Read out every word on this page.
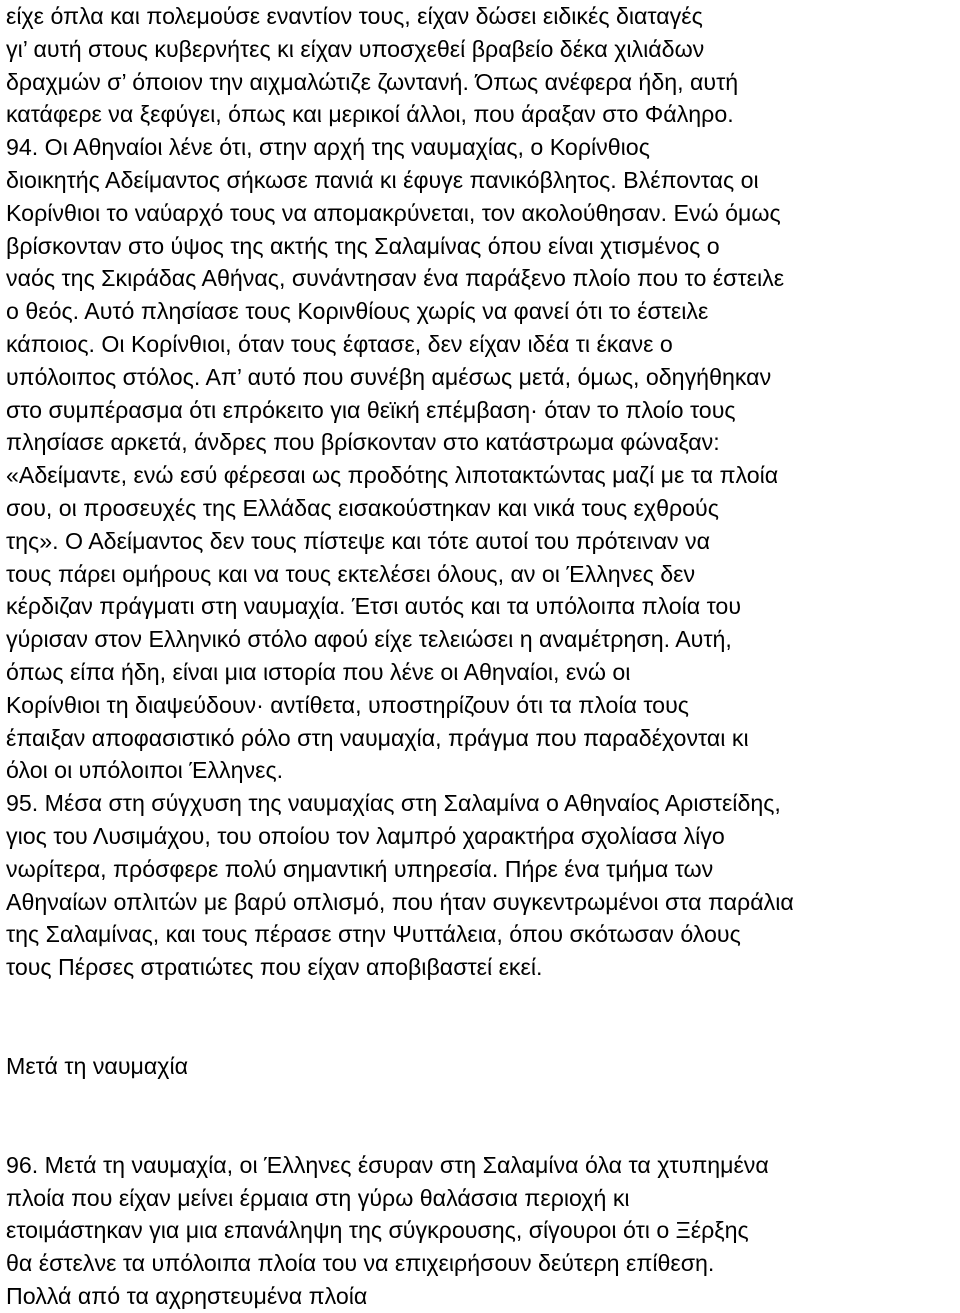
είχε όπλα και πολεμούσε εναντίον τους, είχαν δώσει ειδικές διαταγές
γι’ αυτή στους κυβερνήτες κι είχαν υποσχεθεί βραβείο δέκα χιλιάδων
δραχμών σ’ όποιον την αιχμαλώτιζε ζωντανή. Όπως ανέφερα ήδη, αυτή
κατάφερε να ξεφύγει, όπως και μερικοί άλλοι, που άραξαν στο Φάληρο.
94. Οι Αθηναίοι λένε ότι, στην αρχή της ναυμαχίας, ο Κορίνθιος
διοικητής Αδείμαντος σήκωσε πανιά κι έφυγε πανικόβλητος. Βλέποντας οι
Κορίνθιοι το ναύαρχό τους να απομακρύνεται, τον ακολούθησαν. Ενώ όμως
βρίσκονταν στο ύψος της ακτής της Σαλαμίνας όπου είναι χτισμένος ο
ναός της Σκιράδας Αθήνας, συνάντησαν ένα παράξενο πλοίο που το έστειλε
ο θεός. Αυτό πλησίασε τους Κορινθίους χωρίς να φανεί ότι το έστειλε
κάποιος. Οι Κορίνθιοι, όταν τους έφτασε, δεν είχαν ιδέα τι έκανε ο
υπόλοιπος στόλος. Απ’ αυτό που συνέβη αμέσως μετά, όμως, οδηγήθηκαν
στο συμπέρασμα ότι επρόκειτο για θεϊκή επέμβαση· όταν το πλοίο τους
πλησίασε αρκετά, άνδρες που βρίσκονταν στο κατάστρωμα φώναξαν:
«Αδείμαντε, ενώ εσύ φέρεσαι ως προδότης λιποτακτώντας μαζί με τα πλοία
σου, οι προσευχές της Ελλάδας εισακούστηκαν και νικά τους εχθρούς
της». Ο Αδείμαντος δεν τους πίστεψε και τότε αυτοί του πρότειναν να
τους πάρει ομήρους και να τους εκτελέσει όλους, αν οι Έλληνες δεν
κέρδιζαν πράγματι στη ναυμαχία. Έτσι αυτός και τα υπόλοιπα πλοία του
γύρισαν στον Ελληνικό στόλο αφού είχε τελειώσει η αναμέτρηση. Αυτή,
όπως είπα ήδη, είναι μια ιστορία που λένε οι Αθηναίοι, ενώ οι
Κορίνθιοι τη διαψεύδουν· αντίθετα, υποστηρίζουν ότι τα πλοία τους
έπαιξαν αποφασιστικό ρόλο στη ναυμαχία, πράγμα που παραδέχονται κι
όλοι οι υπόλοιποι Έλληνες.
95. Μέσα στη σύγχυση της ναυμαχίας στη Σαλαμίνα ο Αθηναίος Αριστείδης,
γιος του Λυσιμάχου, του οποίου τον λαμπρό χαρακτήρα σχολίασα λίγο
νωρίτερα, πρόσφερε πολύ σημαντική υπηρεσία. Πήρε ένα τμήμα των
Αθηναίων οπλιτών με βαρύ οπλισμό, που ήταν συγκεντρωμένοι στα παράλια
της Σαλαμίνας, και τους πέρασε στην Ψυττάλεια, όπου σκότωσαν όλους
τους Πέρσες στρατιώτες που είχαν αποβιβαστεί εκεί.
Μετά τη ναυμαχία
96. Μετά τη ναυμαχία, οι Έλληνες έσυραν στη Σαλαμίνα όλα τα χτυπημένα
πλοία που είχαν μείνει έρμαια στη γύρω θαλάσσια περιοχή κι
ετοιμάστηκαν για μια επανάληψη της σύγκρουσης, σίγουροι ότι ο Ξέρξης
θα έστελνε τα υπόλοιπα πλοία του να επιχειρήσουν δεύτερη επίθεση.
Πολλά από τα αχρηστευμένα πλοία
